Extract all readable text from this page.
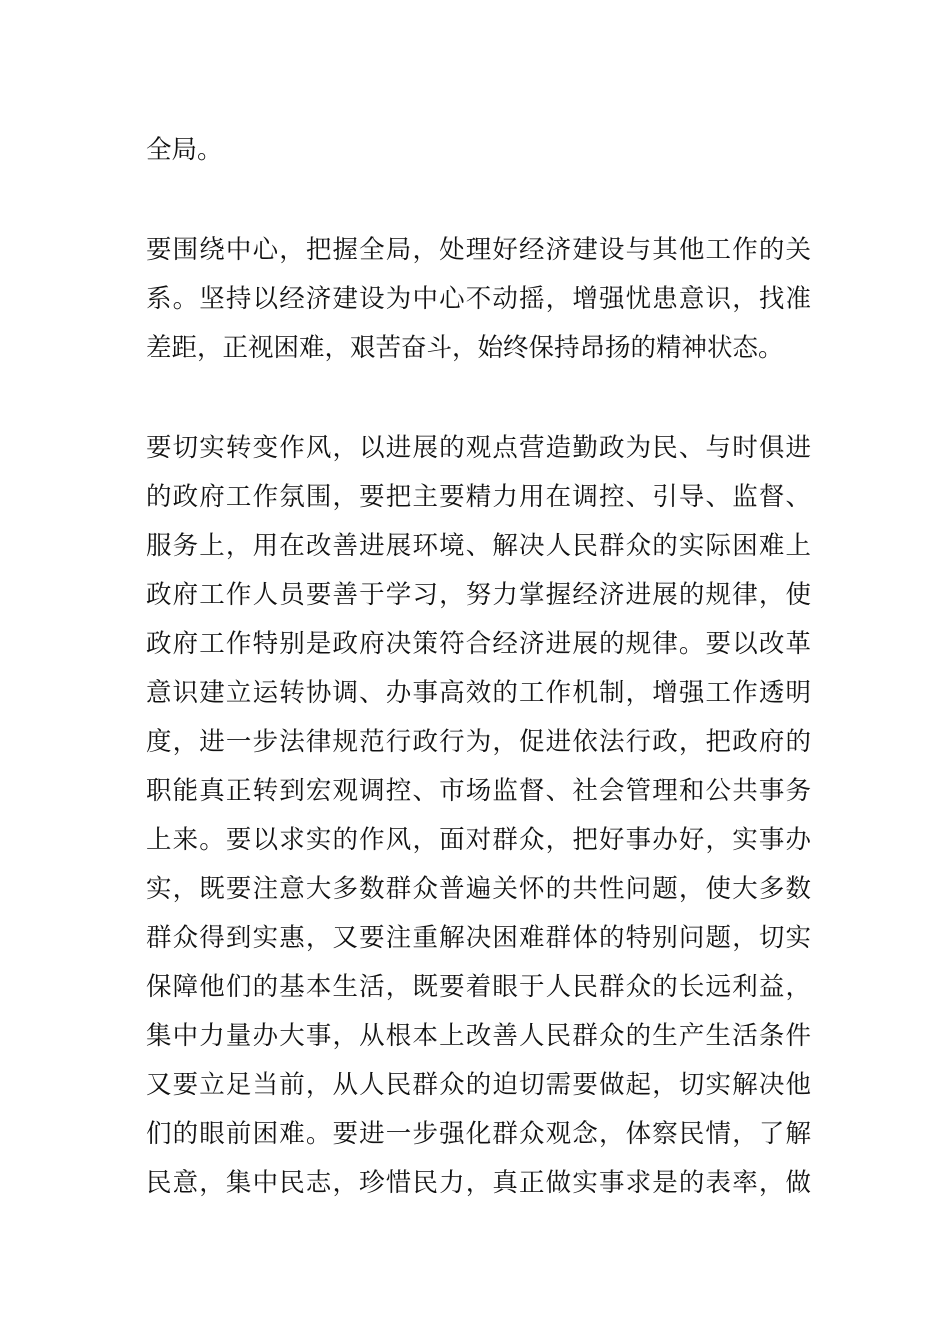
全局。
要围绕中心，把握全局，处理好经济建设与其他工作的关
系。坚持以经济建设为中心不动摇，增强忧患意识，找准
差距，正视困难，艰苦奋斗，始终保持昂扬的精神状态。
要切实转变作风，以进展的观点营造勤政为民、与时俱进
的政府工作氛围，要把主要精力用在调控、引导、监督、
服务上，用在改善进展环境、解决人民群众的实际困难上
政府工作人员要善于学习，努力掌握经济进展的规律，使
政府工作特别是政府决策符合经济进展的规律。要以改革
意识建立运转协调、办事高效的工作机制，增强工作透明
度，进一步法律规范行政行为，促进依法行政，把政府的
职能真正转到宏观调控、市场监督、社会管理和公共事务
上来。要以求实的作风，面对群众，把好事办好，实事办
实，既要注意大多数群众普遍关怀的共性问题，使大多数
群众得到实惠，又要注重解决困难群体的特别问题，切实
保障他们的基本生活，既要着眼于人民群众的长远利益，
集中力量办大事，从根本上改善人民群众的生产生活条件
又要立足当前，从人民群众的迫切需要做起，切实解决他
们的眼前困难。要进一步强化群众观念，体察民情，了解
民意，集中民志，珍惜民力，真正做实事求是的表率，做
